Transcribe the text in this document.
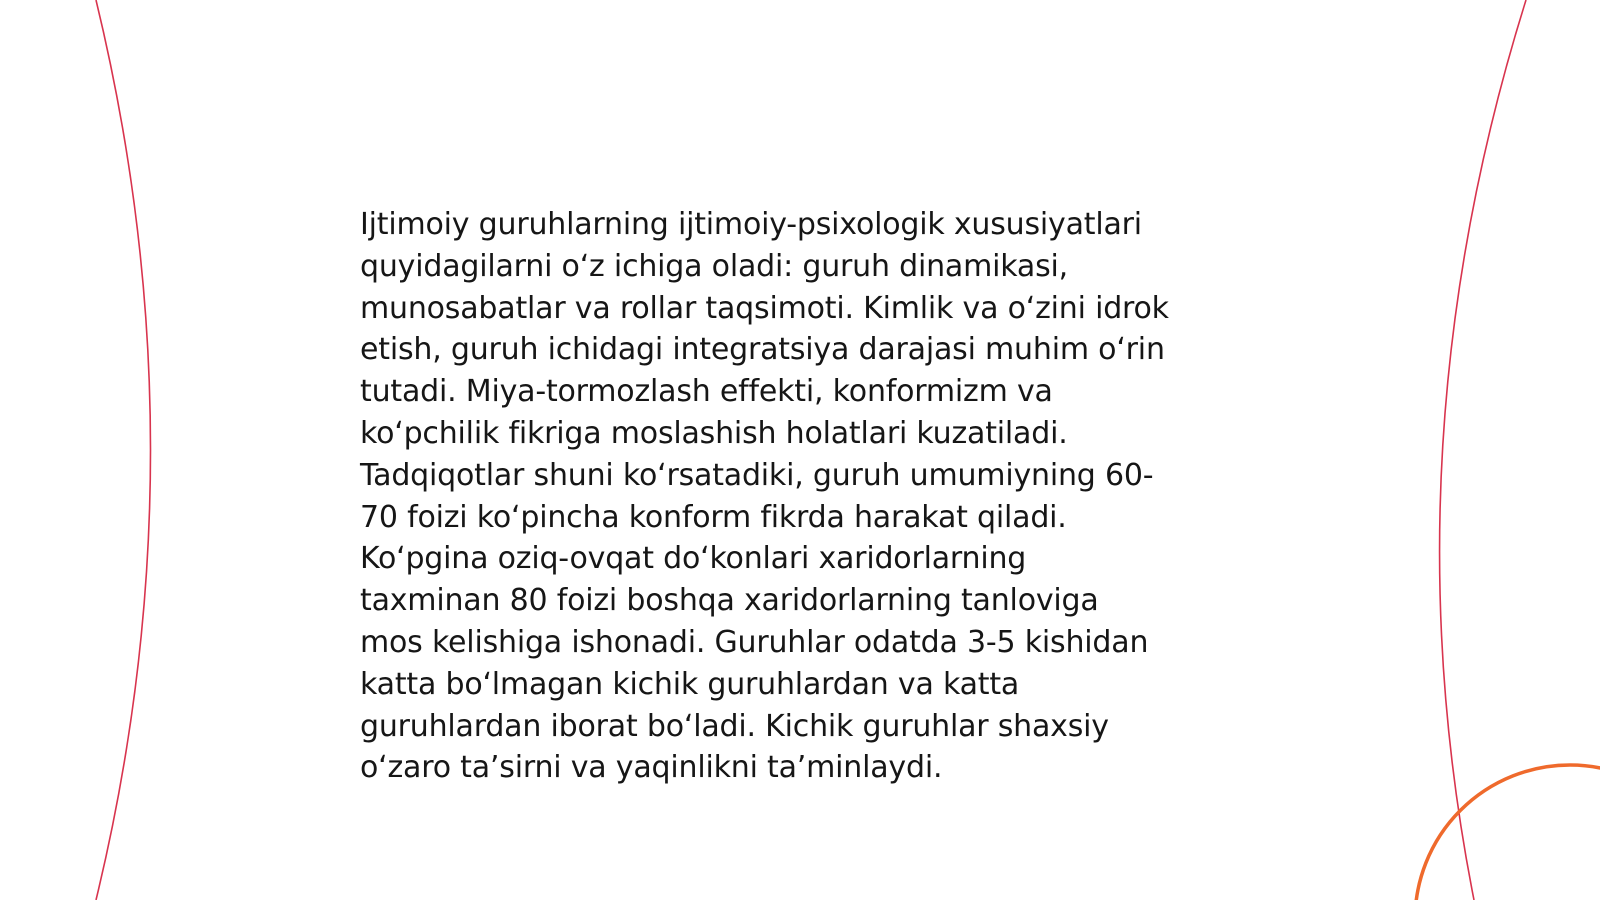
Ijtimoiy guruhlarning ijtimoiy-psixologik xususiyatlari
quyidagilarni oʻz ichiga oladi: guruh dinamikasi,
munosabatlar va rollar taqsimoti. Kimlik va oʻzini idrok
etish, guruh ichidagi integratsiya darajasi muhim oʻrin
tutadi. Miya-tormozlash effekti, konformizm va
koʻpchilik fikriga moslashish holatlari kuzatiladi.
Tadqiqotlar shuni koʻrsatadiki, guruh umumiyning 60-
70 foizi koʻpincha konform fikrda harakat qiladi.
Koʻpgina oziq-ovqat doʻkonlari xaridorlarning
taxminan 80 foizi boshqa xaridorlarning tanloviga
mos kelishiga ishonadi. Guruhlar odatda 3-5 kishidan
katta boʻlmagan kichik guruhlardan va katta
guruhlardan iborat boʻladi. Kichik guruhlar shaxsiy
oʻzaro taʼsirni va yaqinlikni taʼminlaydi.
